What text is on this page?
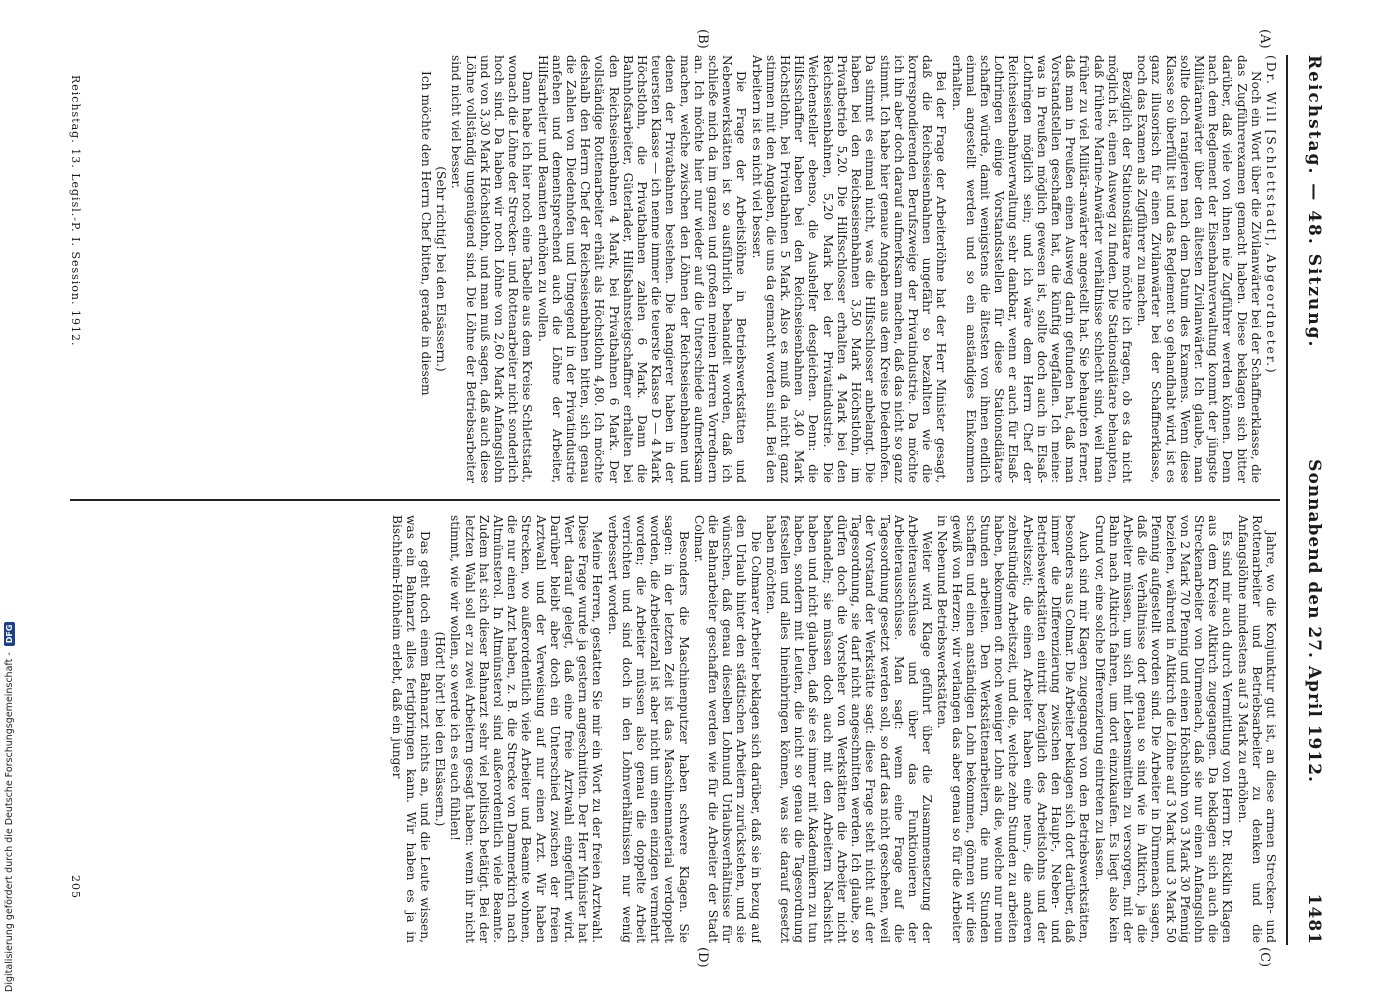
Digitalisierung gefördert durch die Deutsche Forschungsgemeinschaft -
DFG
Reichstag. — 48. Sitzung.
Sonnabend den 27. April 1912.
1481

(Dr. Will [Schlettstadt], Abgeordneter.)

Noch ein Wort über die Zivilanwärter bei der Schaffnerklasse, die das Zugführerexamen gemacht haben. Diese beklagen sich bitter darüber, daß viele von ihnen nie Zugführer werden können. Denn nach dem Reglement der Eisenbahnverwaltung kommt der jüngste Militäranwärter über den ältesten Zivilanwärter. Ich glaube, man sollte doch rangieren nach dem Datum des Examens. Wenn diese Klasse so überfüllt ist und das Reglement so gehandhabt wird, ist es ganz illusorisch für einen Zivilanwärter bei der Schaffnerklasse, noch das Examen als Zugführer zu machen.

Bezüglich der Stationsdiätare möchte ich fragen, ob es da nicht möglich ist, einen Ausweg zu finden. Die Stationsdiätare behaupten, daß frühere Marine-Anwärter verhältnisse schlecht sind, weil man früher zu viel Militär-anwärter angestellt hat. Sie behaupten ferner, daß man in Preußen einen Ausweg darin gefunden hat, daß man Vorstandstellen geschaffen hat, die künftig wegfallen. Ich meine: was in Preußen möglich gewesen ist, sollte doch auch in Elsaß-Lothringen möglich sein; und ich wäre dem Herrn Chef der Reichseisenbahnverwaltung sehr dankbar, wenn er auch für Elsaß-Lothringen einige Vorstandsstellen für diese Stationsdiätare schaffen würde, damit wenigstens die ältesten von ihnen endlich einmal angestellt werden und so ein anständiges Einkommen erhalten.

Bei der Frage der Arbeiterlöhne hat der Herr Minister gesagt, daß die Reichseisenbahnen ungefähr so bezahlten wie die korrespondierenden Berufszweige der Privatindustrie. Da möchte ich ihn aber doch darauf aufmerksam machen, daß das nicht so ganz stimmt. Ich habe hier genaue Angaben aus dem Kreise Diedenhofen. Da stimmt es einmal nicht, was die Hilfsschlosser anbelangt. Die haben bei den Reichseisenbahnen 3,50 Mark Höchstlohn, im Privatbetrieb 5,20. Die Hilfsschlosser erhalten 4 Mark bei den Reichseisenbahnen, 5,20 Mark bei der Privatindustrie. Die Weichensteller ebenso, die Aushelfer desgleichen. Denn: die Hilfsschaffner haben bei den Reichseisenbahnen 3,40 Mark Höchstlohn, bei Privatbahnen 5 Mark. Also es muß da nicht ganz stimmen mit den Angaben, die uns da gemacht worden sind. Bei den Arbeitern ist es nicht viel besser.

Die Frage der Arbeitslöhne in Betriebswerkstätten und Nebenwerkstätten ist so ausführlich behandelt worden, daß ich schließe mich da im ganzen und großen meinen Herren Vorrednern an. Ich möchte hier nur wieder auf die Unterschiede aufmerksam machen, welche zwischen den Löhnen der Reichseisenbahnen und denen der Privatbahnen bestehen. Die Rangierer haben in der teuersten Klasse — ich nenne immer die teuerste Klasse D — 4 Mark Höchstlohn, die Privatbahnen zahlen 6 Mark. Dann die Bahnhofsarbeiter, Güterlader, Hilfsbahnsteigschaffner erhalten bei den Reichseisenbahnen 4 Mark, bei Privatbahnen 6 Mark. Der vollständige Rottenarbeiter erhält als Höchstlohn 4,80. Ich möchte deshalb den Herrn Chef der Reichseisenbahnen bitten, sich genau die Zahlen von Diedenhofen und Umgegend in der Privatindustrie anfehen und dementsprechend auch die Löhne der Arbeiter, Hilfsarbeiter und Beamten erhöhen zu wollen.

Dann habe ich hier noch eine Tabelle aus dem Kreise Schlettstadt, wonach die Löhne der Strecken- und Rottenarbeiter nicht sonderlich hoch sind. Da haben wir noch Löhne von 2,60 Mark Anfangslohn und von 3,30 Mark Höchstlohn, und man muß sagen, daß auch diese Löhne vollständig ungenügend sind. Die Löhne der Betriebsarbeiter sind nicht viel besser.

(Sehr richtig! bei den Elsässern.)

Ich möchte den Herrn Chef bitten, gerade in diesem

Jahre, wo die Konjunktur gut ist, an diese armen Strecken- und Rottenarbeiter und Betriebsarbeiter zu denken und die Anfangslöhne mindestens auf 3 Mark zu erhöhen.

Es sind mir auch durch Vermittlung von Herrn Dr. Ricklin Klagen aus dem Kreise Altkirch zugegangen. Da beklagen sich auch die Streckenarbeiter von Dürmenach, daß sie nur einen Anfangslohn von 2 Mark 70 Pfennig und einen Höchstlohn von 3 Mark 30 Pfennig beziehen, während in Altkirch die Löhne auf 3 Mark und 3 Mark 50 Pfennig aufgestellt worden sind. Die Arbeiter in Dürmenach sagen, daß die Verhältnisse dort genau so sind wie in Altkirch, ja die Arbeiter müssen, um sich mit Lebensmitteln zu versorgen, mit der Bahn nach Altkirch fahren, um dort einzukaufen. Es liegt also kein Grund vor, eine solche Differenzierung eintreten zu lassen.

Auch sind mir Klagen zugegangen von den Betriebswerkstätten, besonders aus Colmar. Die Arbeiter beklagen sich dort darüber, daß immer die Differenzierung zwischen den Haupt-, Neben- und Betriebswerkstätten eintritt bezüglich des Arbeitslohns und der Arbeitszeit; die einen Arbeiter haben eine neun-, die anderen zehnstündige Arbeitszeit, und die, welche zehn Stunden zu arbeiten haben, bekommen oft noch weniger Lohn als die, welche nur neun Stunden arbeiten. Den Werkstättenarbeitern, die nun Stunden schaffen und einen anständigen Lohn bekommen, gönnen wir dies gewiß von Herzen; wir verlangen das aber genau so für die Arbeiter in Nebenund Betriebswerkstätten.

Weiter wird Klage geführt über die Zusammensetzung der Arbeiterausschüsse und über das Funktionieren der Arbeiterausschüsse. Man sagt: wenn eine Frage auf die Tagesordnung gesetzt werden soll, so darf das nicht geschehen, weil der Vorstand der Werkstätte sagt: diese Frage steht nicht auf der Tagesordnung, sie darf nicht angeschnitten werden. Ich glaube, so dürfen doch die Vorsteher von Werkstätten die Arbeiter nicht behandeln; sie müssen doch auch mit den Arbeitern Nachsicht haben und nicht glauben, daß sie es immer mit Akademikern zu tun haben, sondern mit Leuten, die nicht so genau die Tagesordnung festsellen und alles hineinbringen können, was sie darauf gesetzt haben möchten.

Die Colmarer Arbeiter beklagen sich darüber, daß sie in bezug auf den Urlaub hinter den städtischen Arbeitern zurückstehen, und sie wünschen, daß genau dieselben Lohnund Urlaubsverhältnisse für die Bahnarbeiter geschaffen werden wie für die Arbeiter der Stadt Colmar.

Besonders die Maschinenputzer haben schwere Klagen. Sie sagen: in der letzten Zeit ist das Maschinenmaterial verdoppelt worden, die Arbeiterzahl ist aber nicht um einen einzigen vermehrt worden; die Arbeiter müssen also genau die doppelte Arbeit verrichten und sind doch in den Lohnverhältnissen nur wenig verbessert worden.

Meine Herren, gestatten Sie mir ein Wort zu der freien Arztwahl. Diese Frage wurde ja gestern angeschnitten. Der Herr Minister hat Wert darauf gelegt, daß eine freie Arztwahl eingeführt wird. Darüber bleibt aber doch ein Unterschied zwischen der freien Arztwahl und der Verweisung auf nur einen Arzt. Wir haben Strecken, wo außerordentlich viele Arbeiter und Beamte wohnen, die nur einen Arzt haben, z. B. die Strecke von Dammerkirch nach Altmünsterol. In Altmünsterol sind außerordentlich viele Beamte. Zudem hat sich dieser Bahnarzt sehr viel politisch betätigt. Bei der letzten Wahl soll er zu zwei Arbeitern gesagt haben: wenn ihr nicht stimmt, wie wir wollen, so werde ich es euch fühlen!

(Hört! hört! bei den Elsässern.)

Das geht doch einem Bahnarzt nichts an, und die Leute wissen, was ein Bahnarzt alles fertigbringen kann. Wir haben es ja in Bischheim-Hönheim erlebt, daß ein junger

(A)
(B)
(C)
(D)
Reichstag. 13. Legisl.-P. I. Session. 1912.
205
